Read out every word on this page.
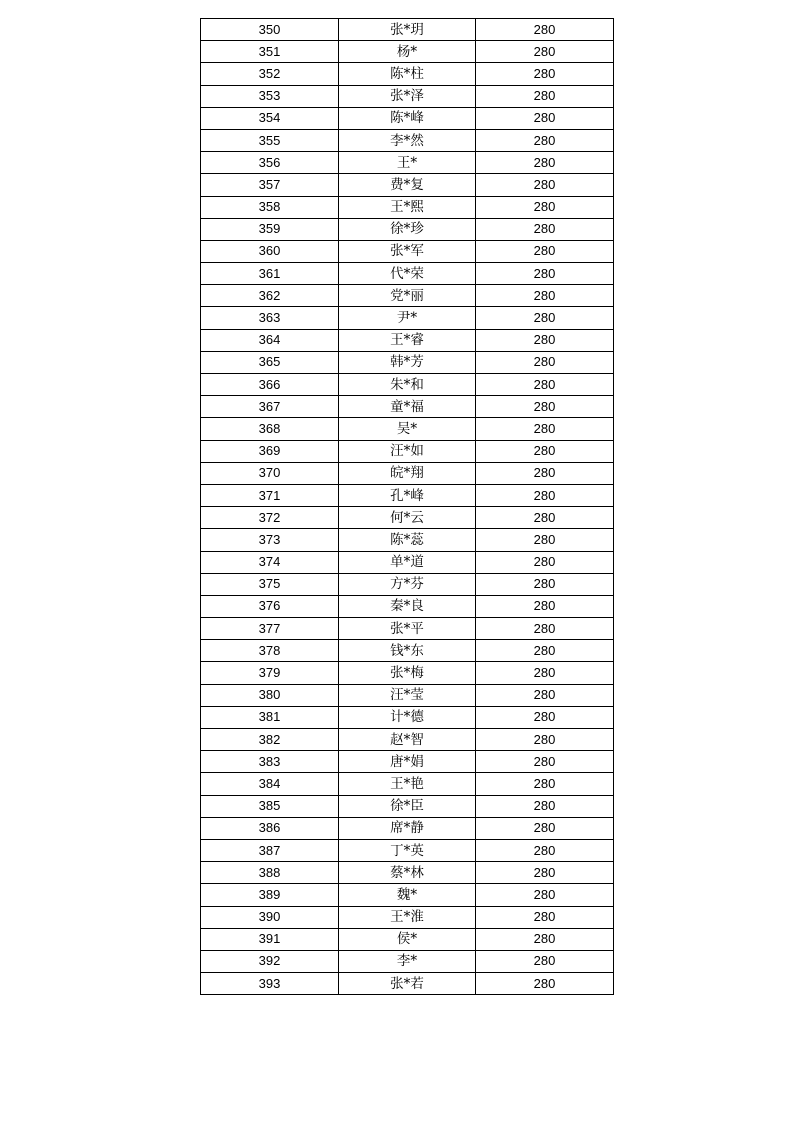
350	张*玥	280
351	杨*	280
352	陈*柱	280
353	张*泽	280
354	陈*峰	280
355	李*然	280
356	王*	280
357	费*复	280
358	王*熙	280
359	徐*珍	280
360	张*军	280
361	代*荣	280
362	党*丽	280
363	尹*	280
364	王*睿	280
365	韩*芳	280
366	朱*和	280
367	童*福	280
368	吴*	280
369	汪*如	280
370	皖*翔	280
371	孔*峰	280
372	何*云	280
373	陈*蕊	280
374	单*道	280
375	方*芬	280
376	秦*良	280
377	张*平	280
378	钱*东	280
379	张*梅	280
380	汪*莹	280
381	计*德	280
382	赵*智	280
383	唐*娟	280
384	王*艳	280
385	徐*臣	280
386	席*静	280
387	丁*英	280
388	蔡*林	280
389	魏*	280
390	王*淮	280
391	侯*	280
392	李*	280
393	张*若	280
